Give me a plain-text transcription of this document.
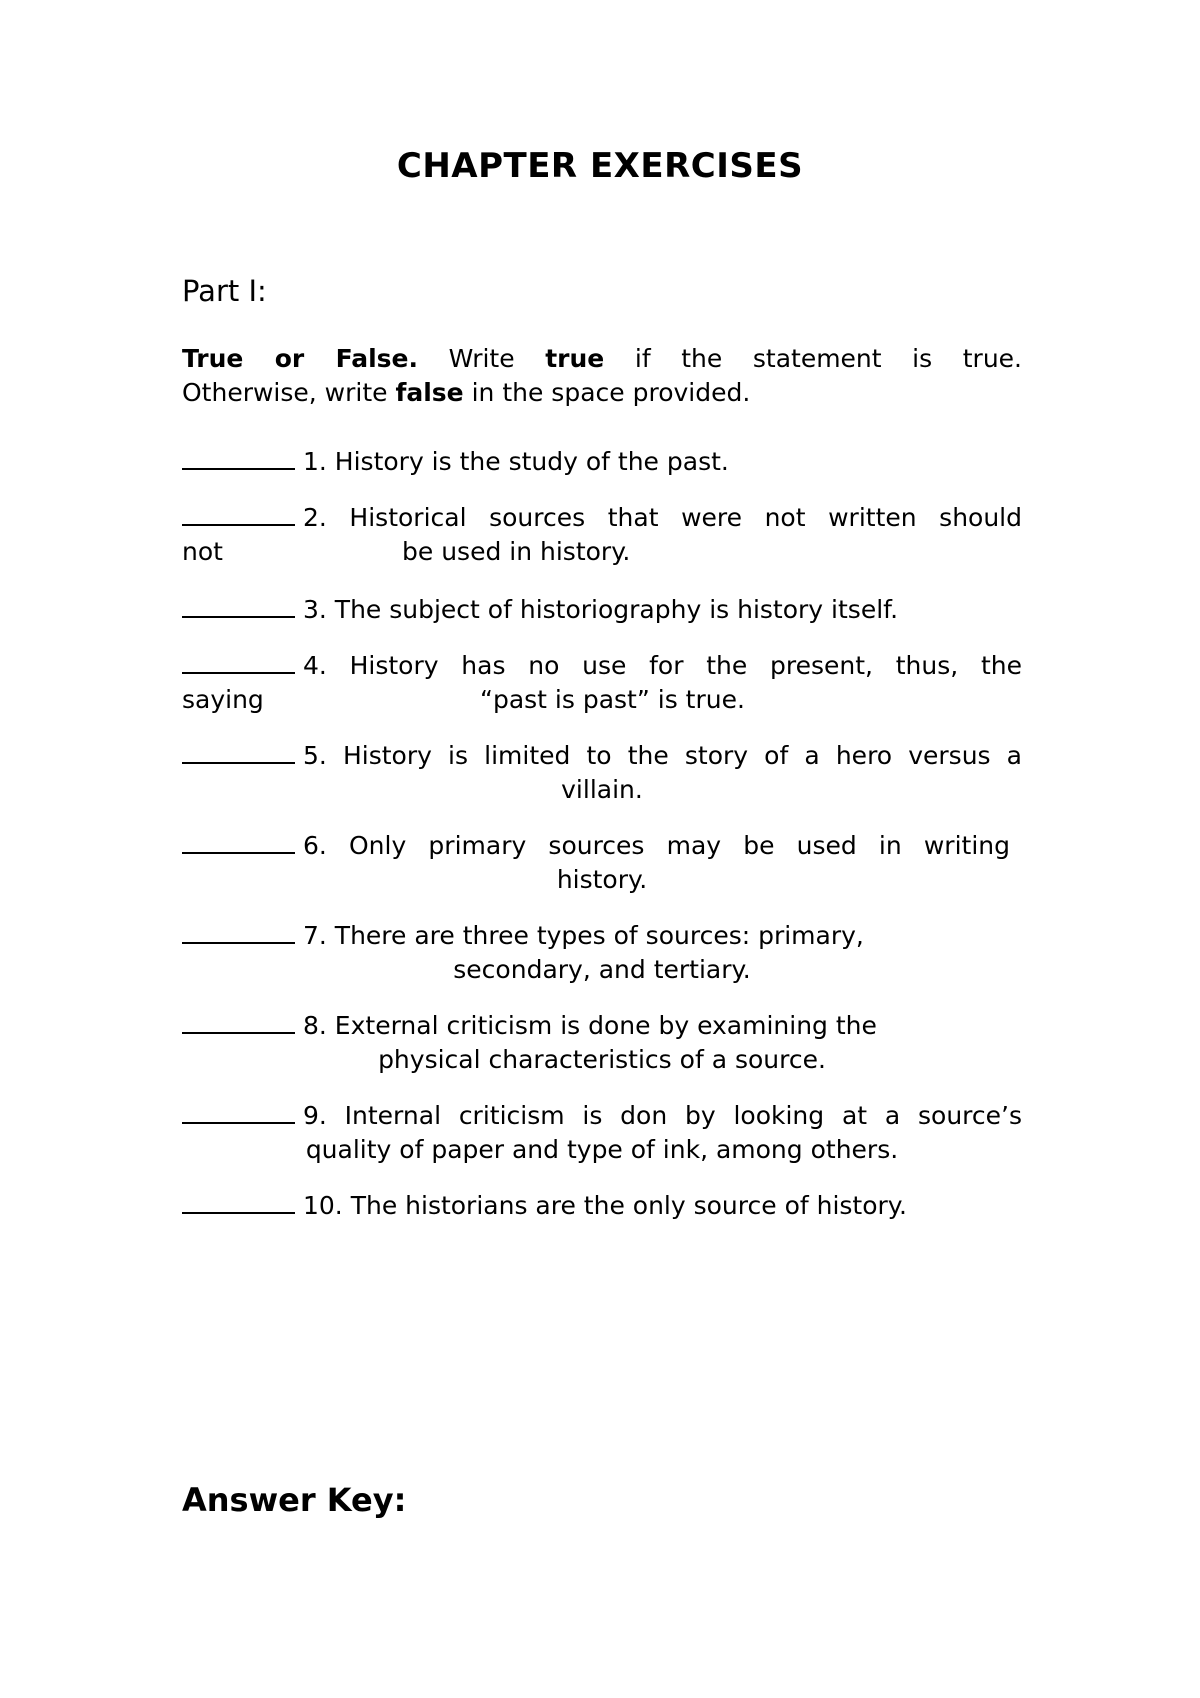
CHAPTER EXERCISES
Part I:
True or False. Write true if the statement is true.
Otherwise, write false in the space provided.
1. History is the study of the past.
2. Historical sources that were not written should
not	be used in history.
3. The subject of historiography is history itself.
4. History has no use for the present, thus, the
saying	“past is past” is true.
5. History is limited to the story of a hero versus a
villain.
6. Only primary sources may be used in writing
history.
7. There are three types of sources: primary,
secondary, and tertiary.
8. External criticism is done by examining the
physical characteristics of a source.
9. Internal criticism is don by looking at a source’s
quality of paper and type of ink, among others.
10. The historians are the only source of history.
Answer Key:
